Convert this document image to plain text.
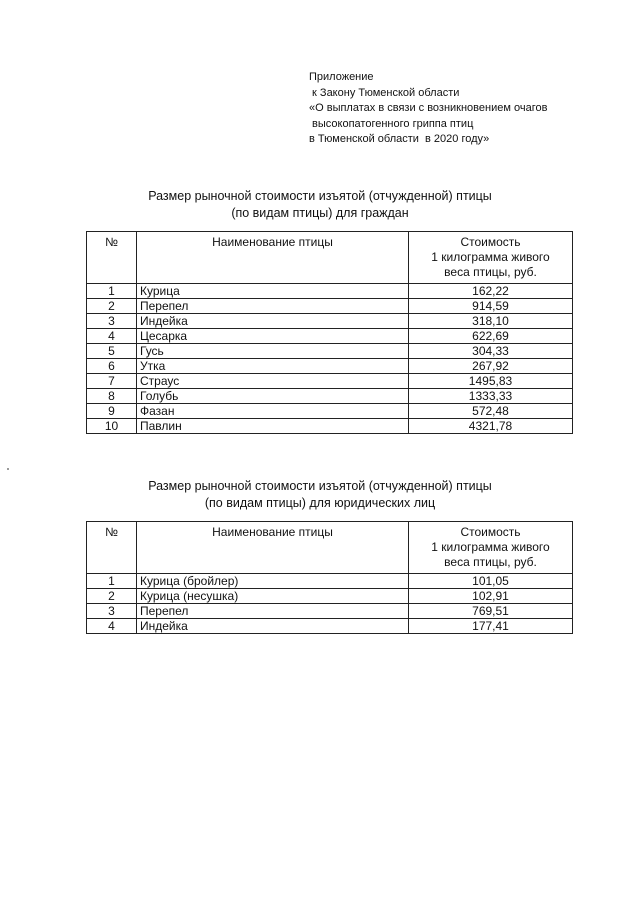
Приложение
к Закону Тюменской области
«О выплатах в связи с возникновением очагов
высокопатогенного гриппа птиц
в Тюменской области  в 2020 году»
Размер рыночной стоимости изъятой (отчужденной) птицы
(по видам птицы) для граждан
№	Наименование птицы	Стоимость
1 килограмма живого
веса птицы, руб.

1	Курица	162,22
2	Перепел	914,59
3	Индейка	318,10
4	Цесарка	622,69
5	Гусь	304,33
6	Утка	267,92
7	Страус	1495,83
8	Голубь	1333,33
9	Фазан	572,48
10	Павлин	4321,78
Размер рыночной стоимости изъятой (отчужденной) птицы
(по видам птицы) для юридических лиц
№	Наименование птицы	Стоимость
1 килограмма живого
веса птицы, руб.

1	Курица (бройлер)	101,05
2	Курица (несушка)	102,91
3	Перепел	769,51
4	Индейка	177,41
